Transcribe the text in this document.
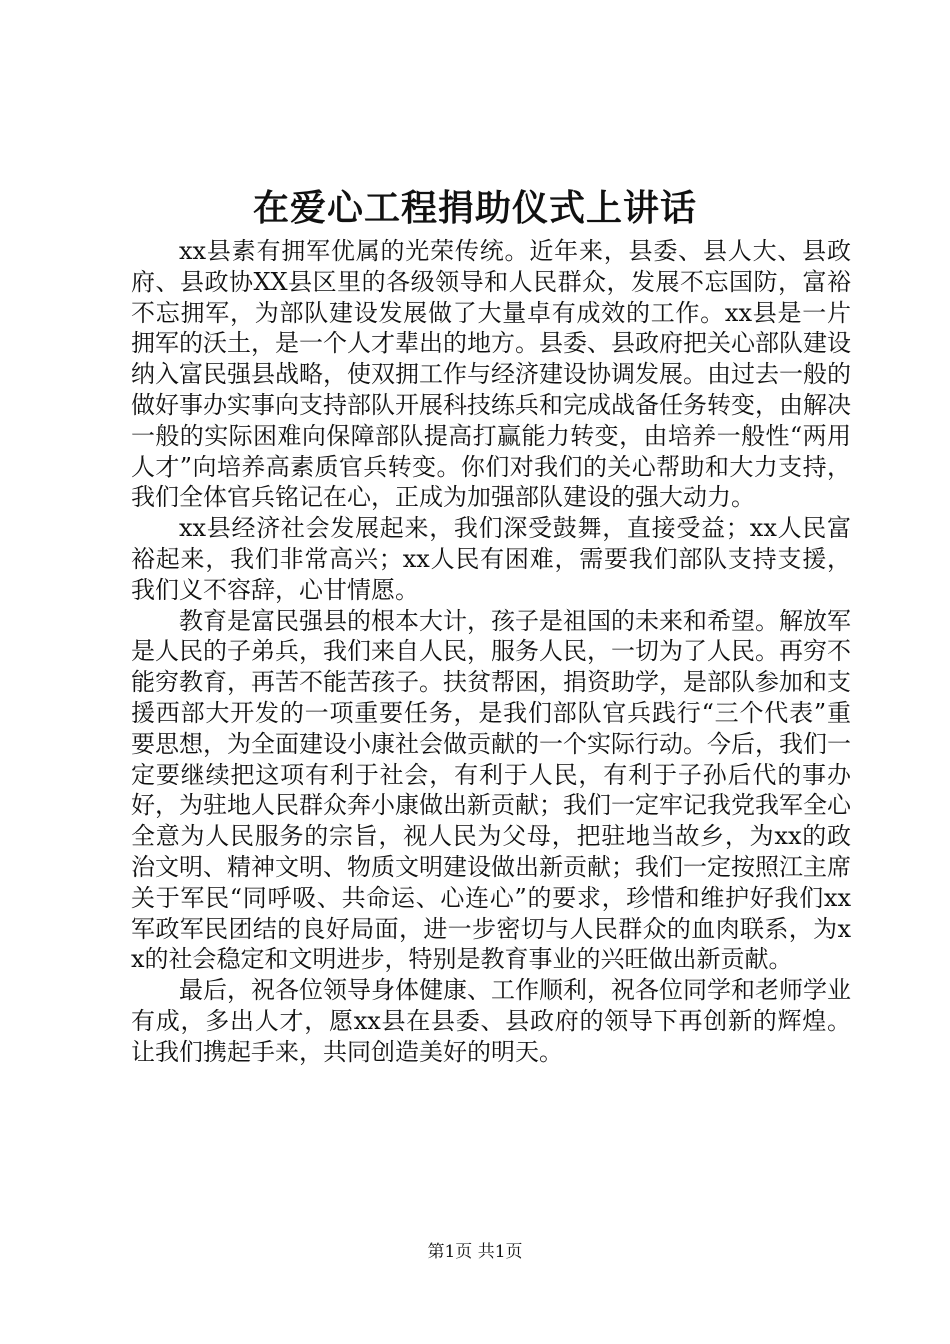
在爱心工程捐助仪式上讲话

xx县素有拥军优属的光荣传统。近年来，县委、县人大、县政府、县政协XX县区里的各级领导和人民群众，发展不忘国防，富裕不忘拥军，为部队建设发展做了大量卓有成效的工作。xx县是一片拥军的沃土，是一个人才辈出的地方。县委、县政府把关心部队建设纳入富民强县战略，使双拥工作与经济建设协调发展。由过去一般的做好事办实事向支持部队开展科技练兵和完成战备任务转变，由解决一般的实际困难向保障部队提高打赢能力转变，由培养一般性“两用人才”向培养高素质官兵转变。你们对我们的关心帮助和大力支持，我们全体官兵铭记在心，正成为加强部队建设的强大动力。

xx县经济社会发展起来，我们深受鼓舞，直接受益；xx人民富裕起来，我们非常高兴；xx人民有困难，需要我们部队支持支援，我们义不容辞，心甘情愿。

教育是富民强县的根本大计，孩子是祖国的未来和希望。解放军是人民的子弟兵，我们来自人民，服务人民，一切为了人民。再穷不能穷教育，再苦不能苦孩子。扶贫帮困，捐资助学，是部队参加和支援西部大开发的一项重要任务，是我们部队官兵践行“三个代表”重要思想，为全面建设小康社会做贡献的一个实际行动。今后，我们一定要继续把这项有利于社会，有利于人民，有利于子孙后代的事办好，为驻地人民群众奔小康做出新贡献；我们一定牢记我党我军全心全意为人民服务的宗旨，视人民为父母，把驻地当故乡，为xx的政治文明、精神文明、物质文明建设做出新贡献；我们一定按照江主席关于军民“同呼吸、共命运、心连心”的要求，珍惜和维护好我们xx军政军民团结的良好局面，进一步密切与人民群众的血肉联系，为xx的社会稳定和文明进步，特别是教育事业的兴旺做出新贡献。

最后，祝各位领导身体健康、工作顺利，祝各位同学和老师学业有成，多出人才，愿xx县在县委、县政府的领导下再创新的辉煌。让我们携起手来，共同创造美好的明天。

第1页 共1页
